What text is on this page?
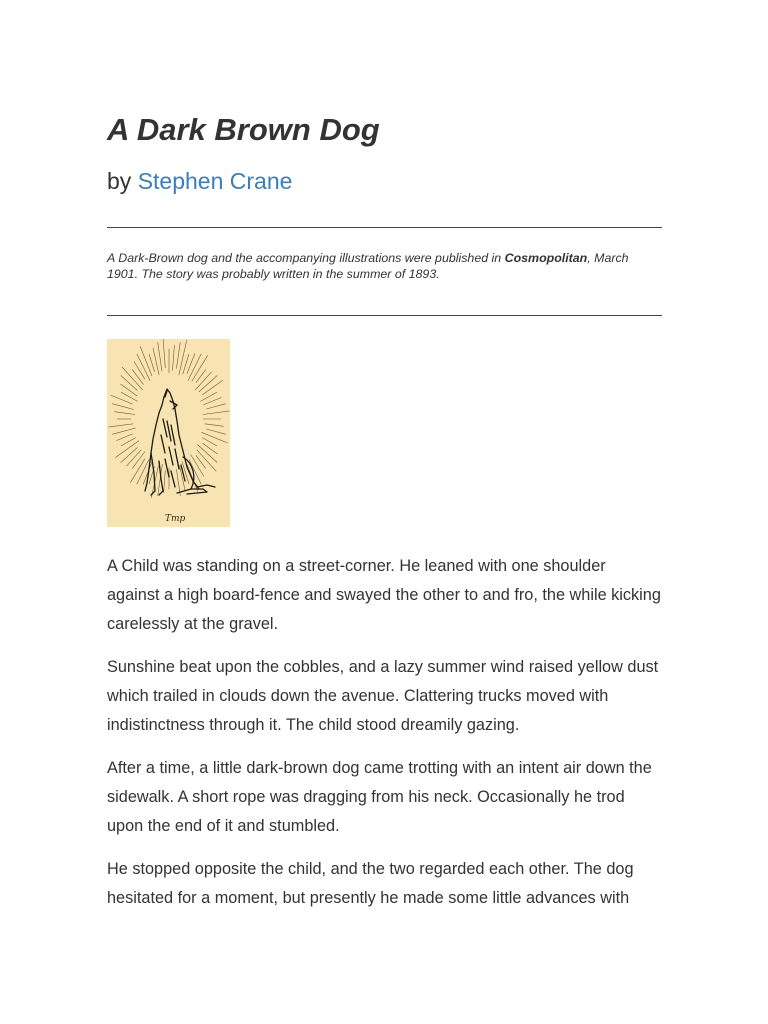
A Dark Brown Dog

by Stephen Crane

A Dark-Brown dog and the accompanying illustrations were published in Cosmopolitan, March 1901. The story was probably written in the summer of 1893.

Tmp

A Child was standing on a street-corner. He leaned with one shoulder against a high board-fence and swayed the other to and fro, the while kicking carelessly at the gravel.

Sunshine beat upon the cobbles, and a lazy summer wind raised yellow dust which trailed in clouds down the avenue. Clattering trucks moved with indistinctness through it. The child stood dreamily gazing.

After a time, a little dark-brown dog came trotting with an intent air down the sidewalk. A short rope was dragging from his neck. Occasionally he trod upon the end of it and stumbled.

He stopped opposite the child, and the two regarded each other. The dog hesitated for a moment, but presently he made some little advances with
